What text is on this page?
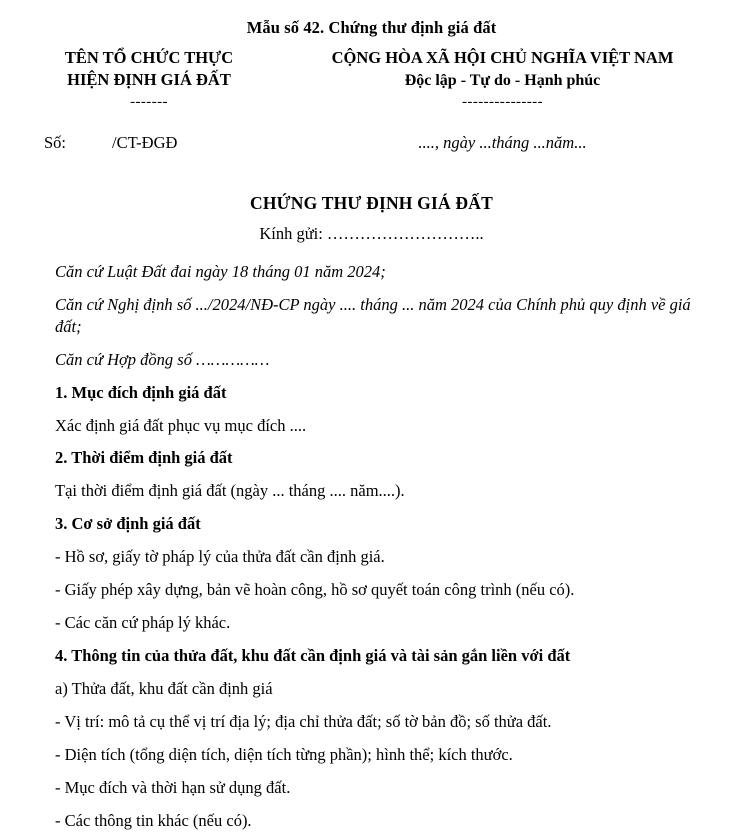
Mẫu số 42. Chứng thư định giá đất
TÊN TỔ CHỨC THỰC HIỆN ĐỊNH GIÁ ĐẤT
-------
CỘNG HÒA XÃ HỘI CHỦ NGHĨA VIỆT NAM
Độc lập - Tự do - Hạnh phúc
---------------
Số:	/CT-ĐGĐ	...., ngày ...tháng ...năm...
CHỨNG THƯ ĐỊNH GIÁ ĐẤT
Kính gửi: ………………………..
Căn cứ Luật Đất đai ngày 18 tháng 01 năm 2024;
Căn cứ Nghị định số .../2024/NĐ-CP ngày .... tháng ... năm 2024 của Chính phủ quy định về giá đất;
Căn cứ Hợp đồng số ……………
1. Mục đích định giá đất
Xác định giá đất phục vụ mục đích ....
2. Thời điểm định giá đất
Tại thời điểm định giá đất (ngày ... tháng .... năm....).
3. Cơ sở định giá đất
- Hồ sơ, giấy tờ pháp lý của thửa đất cần định giá.
- Giấy phép xây dựng, bản vẽ hoàn công, hồ sơ quyết toán công trình (nếu có).
- Các căn cứ pháp lý khác.
4. Thông tin của thửa đất, khu đất cần định giá và tài sản gắn liền với đất
a) Thửa đất, khu đất cần định giá
- Vị trí: mô tả cụ thể vị trí địa lý; địa chỉ thửa đất; số tờ bản đồ; số thửa đất.
- Diện tích (tổng diện tích, diện tích từng phần); hình thể; kích thước.
- Mục đích và thời hạn sử dụng đất.
- Các thông tin khác (nếu có).
